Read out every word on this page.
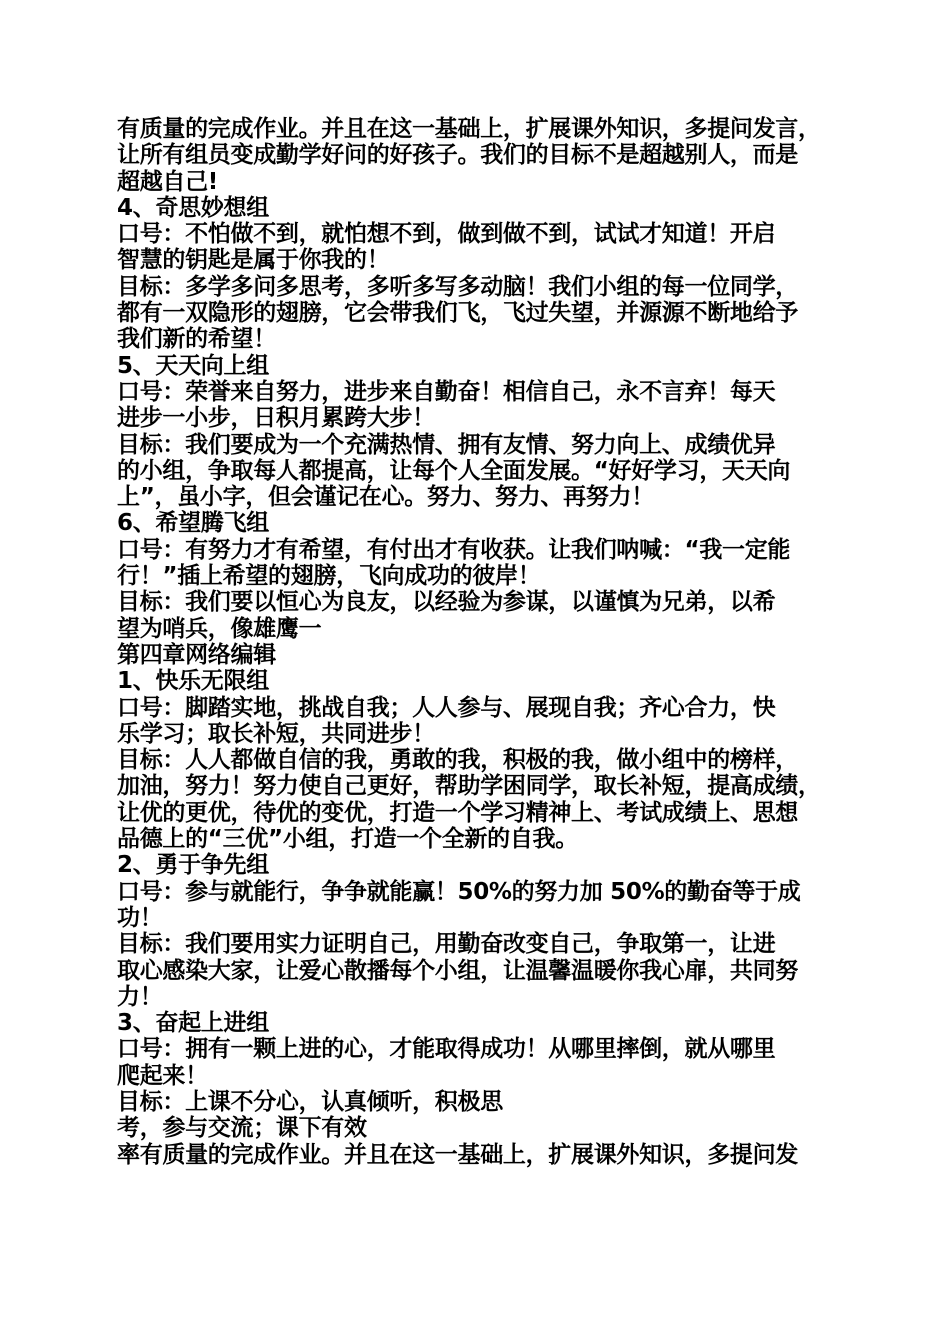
有质量的完成作业。并且在这一基础上，扩展课外知识，多提问发言，
让所有组员变成勤学好问的好孩子。我们的目标不是超越别人，而是
超越自己!
4、奇思妙想组
口号：不怕做不到，就怕想不到，做到做不到，试试才知道！开启
智慧的钥匙是属于你我的！
目标：多学多问多思考，多听多写多动脑！我们小组的每一位同学，
都有一双隐形的翅膀，它会带我们飞，飞过失望，并源源不断地给予
我们新的希望！
5、天天向上组
口号：荣誉来自努力，进步来自勤奋！相信自己，永不言弃！每天
进步一小步，日积月累跨大步！
目标：我们要成为一个充满热情、拥有友情、努力向上、成绩优异
的小组，争取每人都提高，让每个人全面发展。“好好学习，天天向
上”，虽小字，但会谨记在心。努力、努力、再努力！
6、希望腾飞组
口号：有努力才有希望，有付出才有收获。让我们呐喊：“我一定能
行！”插上希望的翅膀，飞向成功的彼岸！
目标：我们要以恒心为良友，以经验为参谋，以谨慎为兄弟，以希
望为哨兵，像雄鹰一
第四章网络编辑
1、快乐无限组
口号：脚踏实地，挑战自我；人人参与、展现自我；齐心合力，快
乐学习；取长补短，共同进步！
目标：人人都做自信的我，勇敢的我，积极的我，做小组中的榜样，
加油，努力！努力使自己更好，帮助学困同学，取长补短，提高成绩，
让优的更优，待优的变优，打造一个学习精神上、考试成绩上、思想
品德上的“三优”小组，打造一个全新的自我。
2、勇于争先组
口号：参与就能行，争争就能赢！50%的努力加 50%的勤奋等于成
功！
目标：我们要用实力证明自己，用勤奋改变自己，争取第一，让进
取心感染大家，让爱心散播每个小组，让温馨温暖你我心扉，共同努
力！
3、奋起上进组
口号：拥有一颗上进的心，才能取得成功！从哪里摔倒，就从哪里
爬起来！
目标：上课不分心，认真倾听，积极思
考，参与交流；课下有效
率有质量的完成作业。并且在这一基础上，扩展课外知识，多提问发
